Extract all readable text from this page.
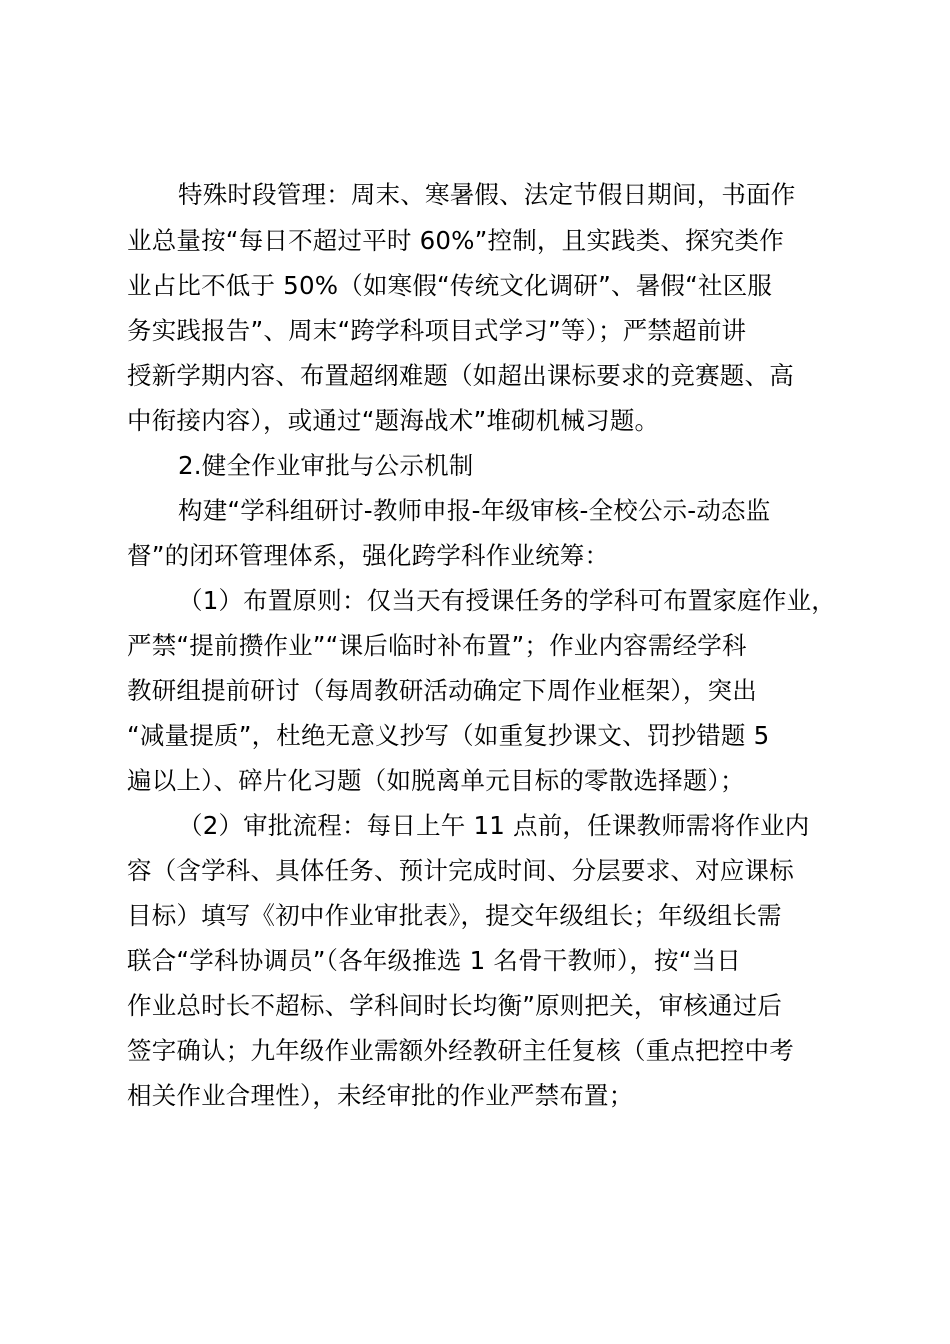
特殊时段管理：周末、寒暑假、法定节假日期间，书面作
业总量按“每日不超过平时 60%”控制，且实践类、探究类作
业占比不低于 50%（如寒假“传统文化调研”、暑假“社区服
务实践报告”、周末“跨学科项目式学习”等）；严禁超前讲
授新学期内容、布置超纲难题（如超出课标要求的竞赛题、高
中衔接内容），或通过“题海战术”堆砌机械习题。
2.健全作业审批与公示机制
构建“学科组研讨-教师申报-年级审核-全校公示-动态监
督”的闭环管理体系，强化跨学科作业统筹：
（1）布置原则：仅当天有授课任务的学科可布置家庭作业，
严禁“提前攒作业”“课后临时补布置”；作业内容需经学科
教研组提前研讨（每周教研活动确定下周作业框架），突出
“减量提质”，杜绝无意义抄写（如重复抄课文、罚抄错题 5
遍以上）、碎片化习题（如脱离单元目标的零散选择题）；
（2）审批流程：每日上午 11 点前，任课教师需将作业内
容（含学科、具体任务、预计完成时间、分层要求、对应课标
目标）填写《初中作业审批表》，提交年级组长；年级组长需
联合“学科协调员”（各年级推选 1 名骨干教师），按“当日
作业总时长不超标、学科间时长均衡”原则把关，审核通过后
签字确认；九年级作业需额外经教研主任复核（重点把控中考
相关作业合理性），未经审批的作业严禁布置；
